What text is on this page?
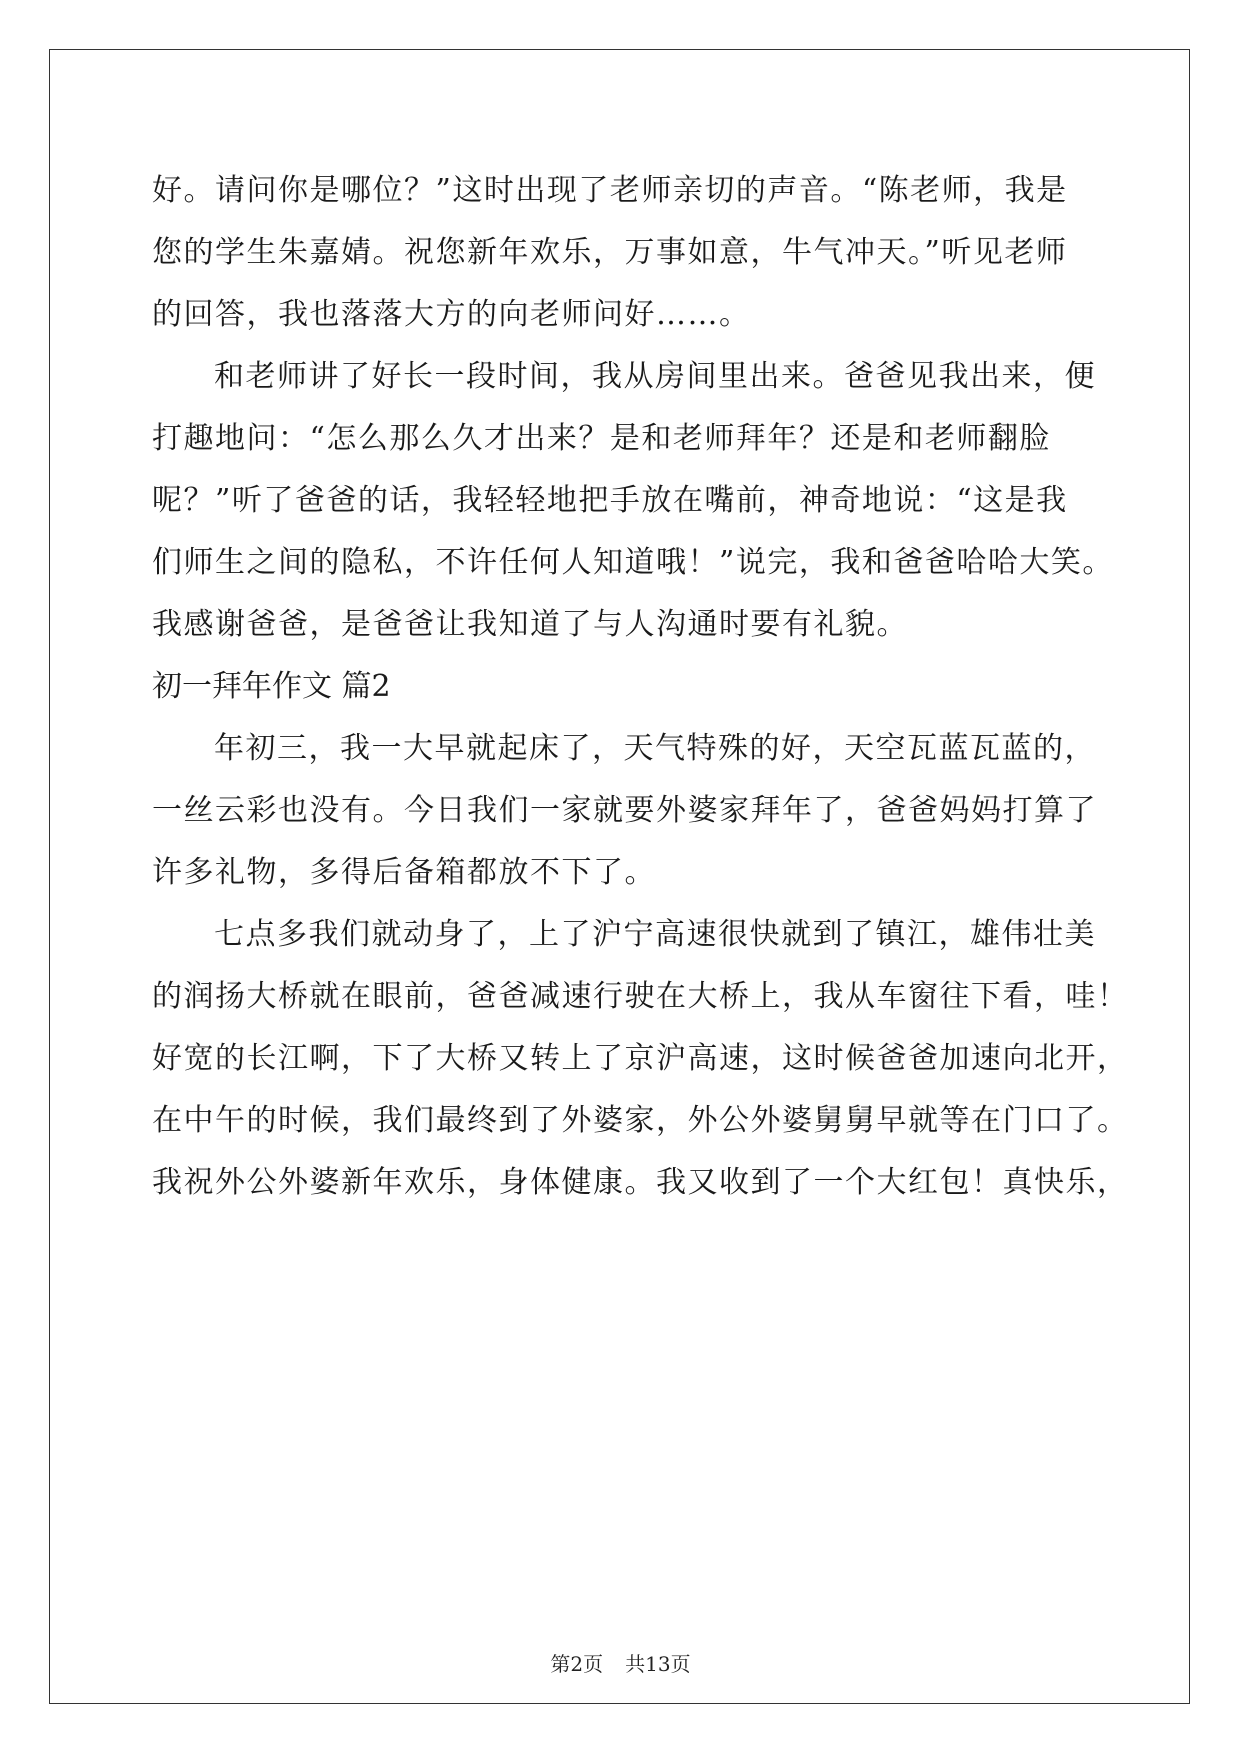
好。请问你是哪位？”这时出现了老师亲切的声音。“陈老师，我是
您的学生朱嘉婧。祝您新年欢乐，万事如意，牛气冲天。”听见老师
的回答，我也落落大方的向老师问好……。
和老师讲了好长一段时间，我从房间里出来。爸爸见我出来，便
打趣地问：“怎么那么久才出来？是和老师拜年？还是和老师翻脸
呢？”听了爸爸的话，我轻轻地把手放在嘴前，神奇地说：“这是我
们师生之间的隐私，不许任何人知道哦！”说完，我和爸爸哈哈大笑。
我感谢爸爸，是爸爸让我知道了与人沟通时要有礼貌。
初一拜年作文 篇2
年初三，我一大早就起床了，天气特殊的好，天空瓦蓝瓦蓝的，
一丝云彩也没有。今日我们一家就要外婆家拜年了，爸爸妈妈打算了
许多礼物，多得后备箱都放不下了。
七点多我们就动身了，上了沪宁高速很快就到了镇江，雄伟壮美
的润扬大桥就在眼前，爸爸减速行驶在大桥上，我从车窗往下看，哇！
好宽的长江啊，下了大桥又转上了京沪高速，这时候爸爸加速向北开，
在中午的时候，我们最终到了外婆家，外公外婆舅舅早就等在门口了。
我祝外公外婆新年欢乐，身体健康。我又收到了一个大红包！真快乐，
第2页 共13页
